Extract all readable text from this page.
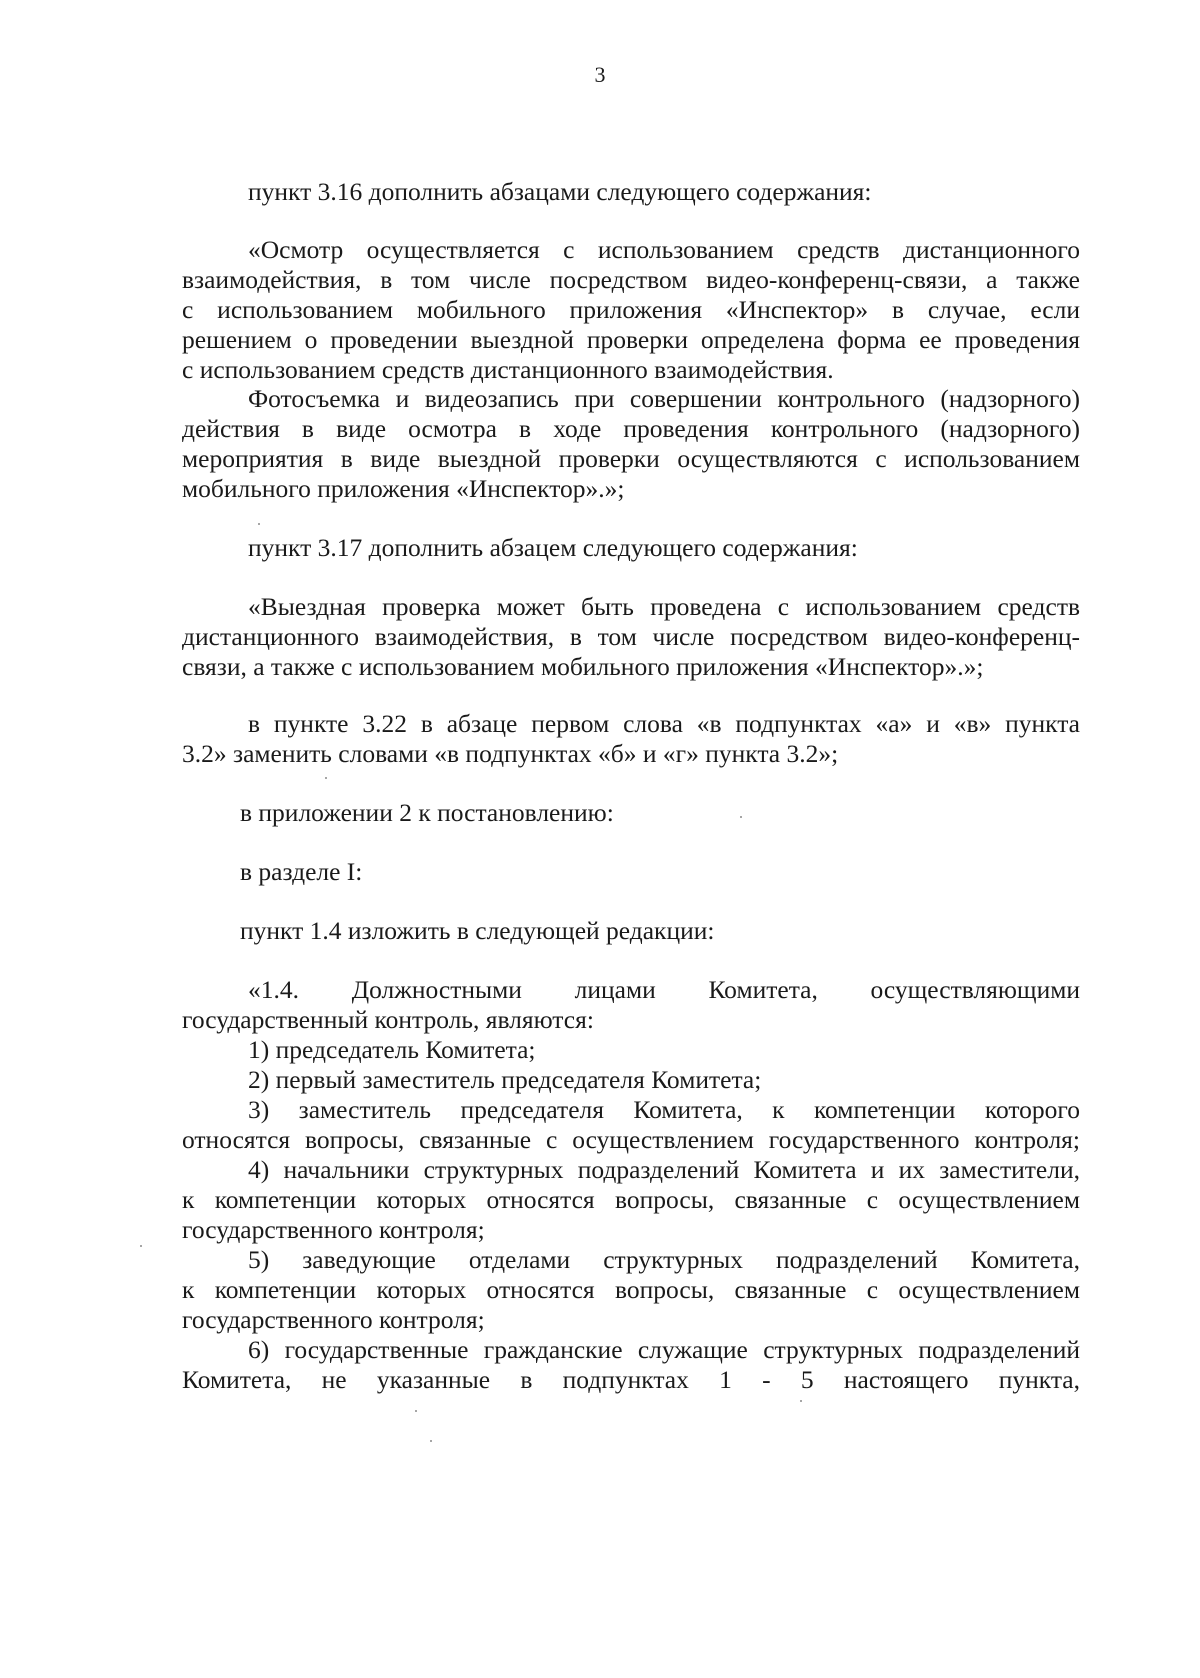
3
пункт 3.16 дополнить абзацами следующего содержания:
«Осмотр осуществляется с использованием средств дистанционного
взаимодействия, в том числе посредством видео-конференц-связи, а также
с использованием мобильного приложения «Инспектор» в случае, если
решением о проведении выездной проверки определена форма ее проведения
с использованием средств дистанционного взаимодействия.
Фотосъемка и видеозапись при совершении контрольного (надзорного)
действия в виде осмотра в ходе проведения контрольного (надзорного)
мероприятия в виде выездной проверки осуществляются с использованием
мобильного приложения «Инспектор».»;
пункт 3.17 дополнить абзацем следующего содержания:
«Выездная проверка может быть проведена с использованием средств
дистанционного взаимодействия, в том числе посредством видео-конференц-
связи, а также с использованием мобильного приложения «Инспектор».»;
в пункте 3.22 в абзаце первом слова «в подпунктах «а» и «в» пункта
3.2» заменить словами «в подпунктах «б» и «г» пункта 3.2»;
в приложении 2 к постановлению:
в разделе I:
пункт 1.4 изложить в следующей редакции:
«1.4. Должностными лицами Комитета, осуществляющими
государственный контроль, являются:
1) председатель Комитета;
2) первый заместитель председателя Комитета;
3) заместитель председателя Комитета, к компетенции которого
относятся вопросы, связанные с осуществлением государственного контроля;
4) начальники структурных подразделений Комитета и их заместители,
к компетенции которых относятся вопросы, связанные с осуществлением
государственного контроля;
5) заведующие отделами структурных подразделений Комитета,
к компетенции которых относятся вопросы, связанные с осуществлением
государственного контроля;
6) государственные гражданские служащие структурных подразделений
Комитета, не указанные в подпунктах 1 - 5 настоящего пункта,
